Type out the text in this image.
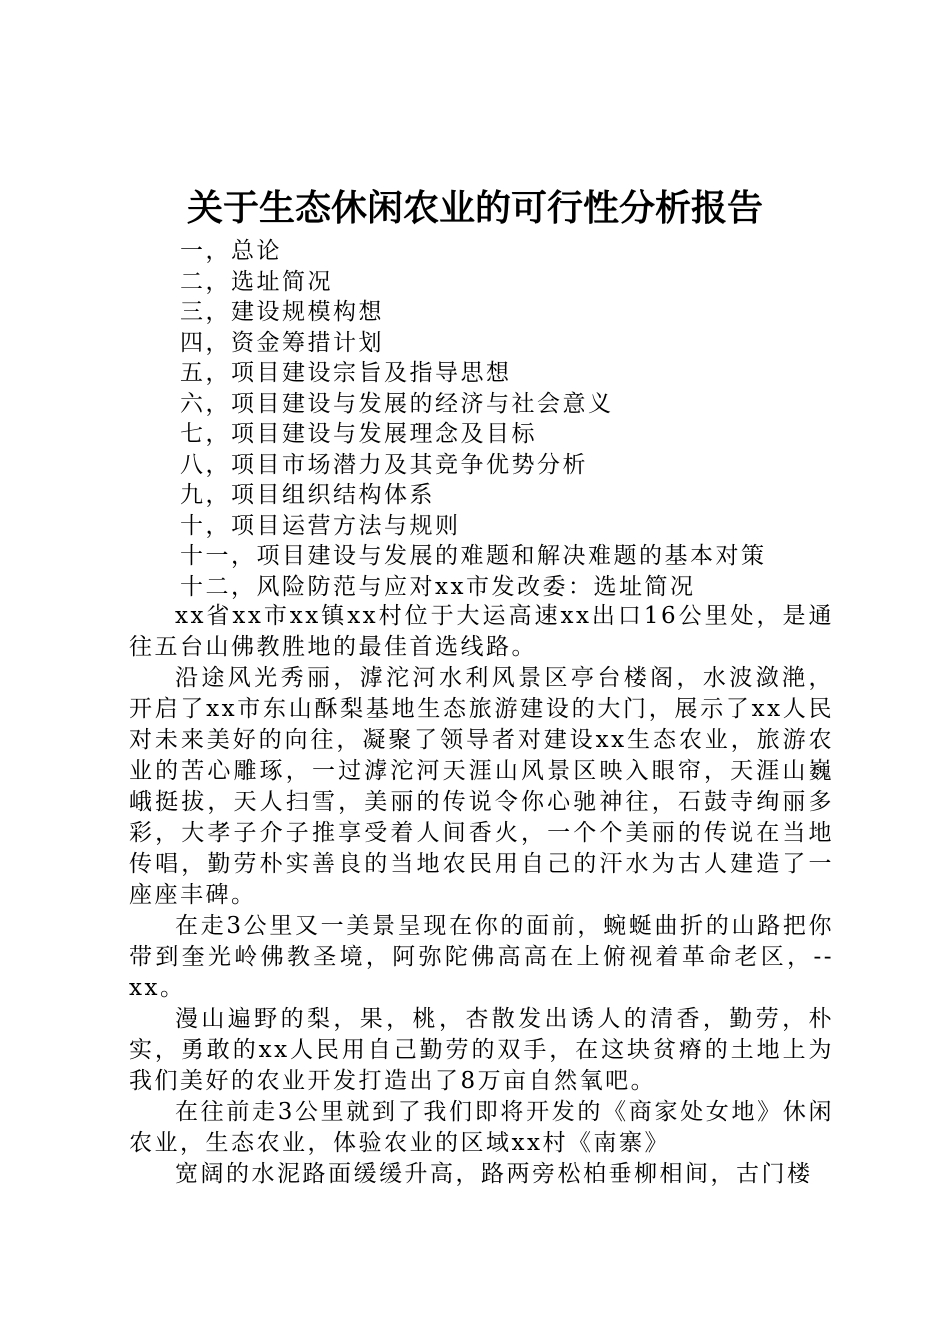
关于生态休闲农业的可行性分析报告
一，总论
二，选址简况
三，建设规模构想
四，资金筹措计划
五，项目建设宗旨及指导思想
六，项目建设与发展的经济与社会意义
七，项目建设与发展理念及目标
八，项目市场潜力及其竞争优势分析
九，项目组织结构体系
十，项目运营方法与规则
十一，项目建设与发展的难题和解决难题的基本对策
十二，风险防范与应对xx市发改委：选址简况

xx省xx市xx镇xx村位于大运高速xx出口16公里处，是通往五台山佛教胜地的最佳首选线路。

沿途风光秀丽，滹沱河水利风景区亭台楼阁，水波潋滟，开启了xx市东山酥梨基地生态旅游建设的大门，展示了xx人民对未来美好的向往，凝聚了领导者对建设xx生态农业，旅游农业的苦心雕琢，一过滹沱河天涯山风景区映入眼帘，天涯山巍峨挺拔，天人扫雪，美丽的传说令你心驰神往，石鼓寺绚丽多彩，大孝子介子推享受着人间香火，一个个美丽的传说在当地传唱，勤劳朴实善良的当地农民用自己的汗水为古人建造了一座座丰碑。

在走3公里又一美景呈现在你的面前，蜿蜒曲折的山路把你带到奎光岭佛教圣境，阿弥陀佛高高在上俯视着革命老区，--xx。

漫山遍野的梨，果，桃，杏散发出诱人的清香，勤劳，朴实，勇敢的xx人民用自己勤劳的双手，在这块贫瘠的土地上为我们美好的农业开发打造出了8万亩自然氧吧。

在往前走3公里就到了我们即将开发的《商家处女地》休闲农业，生态农业，体验农业的区域xx村《南寨》

宽阔的水泥路面缓缓升高，路两旁松柏垂柳相间，古门楼
